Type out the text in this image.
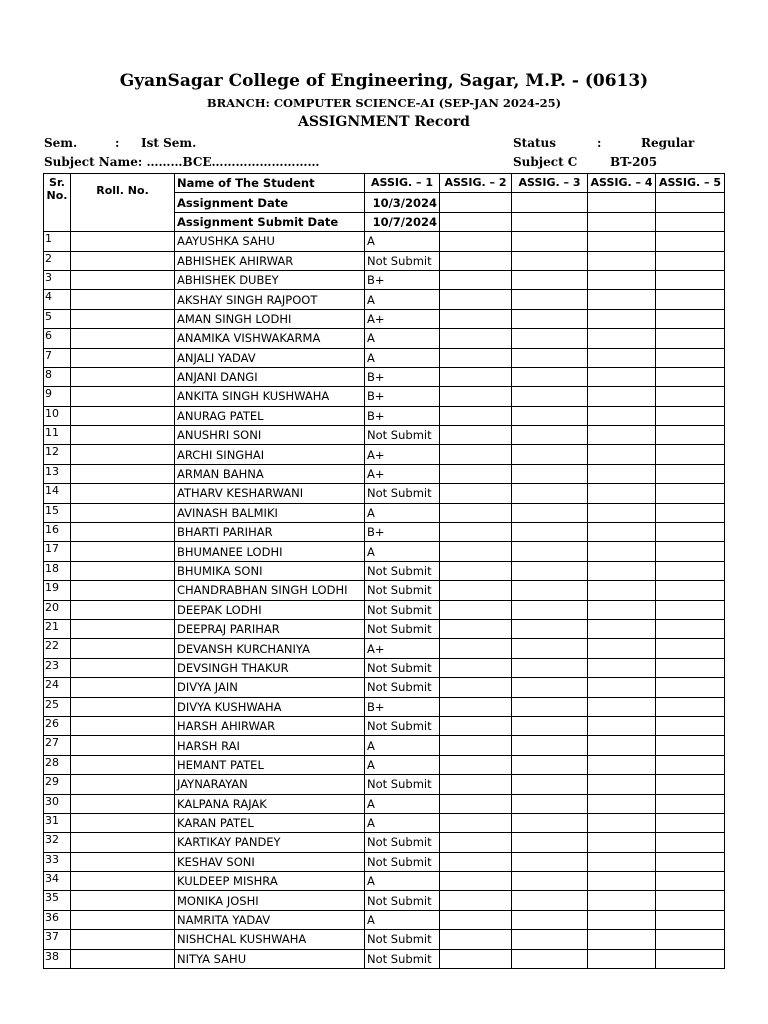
GyanSagar College of Engineering, Sagar, M.P. - (0613)
BRANCH: COMPUTER SCIENCE-AI (SEP-JAN 2024-25)
ASSIGNMENT Record
Sem.	: Ist Sem.	Status	:	Regular
Subject Name: ………BCE………………………	Subject C	BT-205
Sr. No.	Roll. No.	Name of The Student	ASSIG. – 1	ASSIG. – 2	ASSIG. – 3	ASSIG. – 4	ASSIG. – 5
		Assignment Date	10/3/2024				
		Assignment Submit Date	10/7/2024				
1		AAYUSHKA SAHU	A				
2		ABHISHEK AHIRWAR	Not Submit				
3		ABHISHEK DUBEY	B+				
4		AKSHAY SINGH RAJPOOT	A				
5		AMAN SINGH LODHI	A+				
6		ANAMIKA VISHWAKARMA	A				
7		ANJALI YADAV	A				
8		ANJANI DANGI	B+				
9		ANKITA SINGH KUSHWAHA	B+				
10		ANURAG PATEL	B+				
11		ANUSHRI SONI	Not Submit				
12		ARCHI SINGHAI	A+				
13		ARMAN BAHNA	A+				
14		ATHARV KESHARWANI	Not Submit				
15		AVINASH BALMIKI	A				
16		BHARTI PARIHAR	B+				
17		BHUMANEE LODHI	A				
18		BHUMIKA SONI	Not Submit				
19		CHANDRABHAN SINGH LODHI	Not Submit				
20		DEEPAK LODHI	Not Submit				
21		DEEPRAJ PARIHAR	Not Submit				
22		DEVANSH KURCHANIYA	A+				
23		DEVSINGH THAKUR	Not Submit				
24		DIVYA JAIN	Not Submit				
25		DIVYA KUSHWAHA	B+				
26		HARSH AHIRWAR	Not Submit				
27		HARSH RAI	A				
28		HEMANT PATEL	A				
29		JAYNARAYAN	Not Submit				
30		KALPANA RAJAK	A				
31		KARAN PATEL	A				
32		KARTIKAY PANDEY	Not Submit				
33		KESHAV SONI	Not Submit				
34		KULDEEP MISHRA	A				
35		MONIKA JOSHI	Not Submit				
36		NAMRITA YADAV	A				
37		NISHCHAL KUSHWAHA	Not Submit				
38		NITYA SAHU	Not Submit				
